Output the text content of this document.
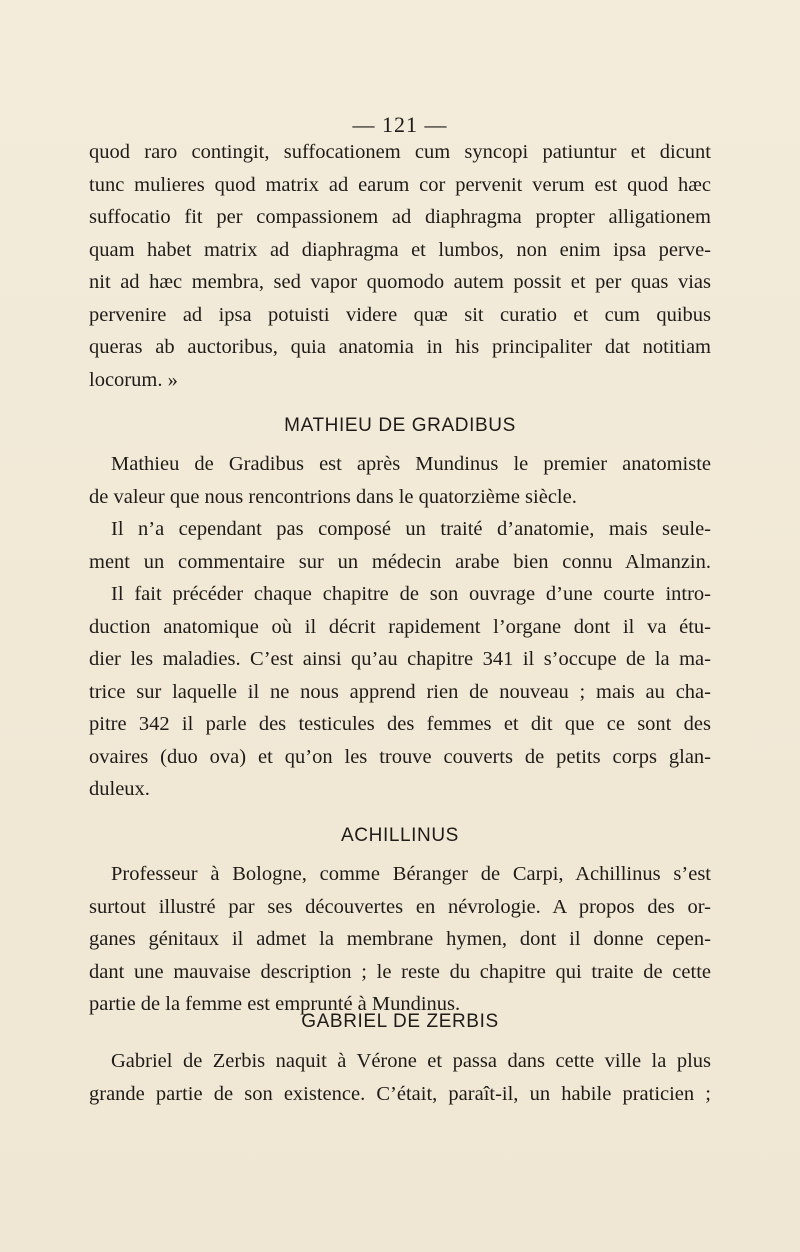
— 121 —
quod raro contingit, suffocationem cum syncopi patiuntur et dicunt
tunc mulieres quod matrix ad earum cor pervenit verum est quod hæc
suffocatio fit per compassionem ad diaphragma propter alligationem
quam habet matrix ad diaphragma et lumbos, non enim ipsa perve-
nit ad hæc membra, sed vapor quomodo autem possit et per quas vias
pervenire ad ipsa potuisti videre quæ sit curatio et cum quibus
queras ab auctoribus, quia anatomia in his principaliter dat notitiam
locorum. »
MATHIEU DE GRADIBUS
Mathieu de Gradibus est après Mundinus le premier anatomiste
de valeur que nous rencontrions dans le quatorzième siècle.
Il n’a cependant pas composé un traité d’anatomie, mais seule-
ment un commentaire sur un médecin arabe bien connu Almanzin.
Il fait précéder chaque chapitre de son ouvrage d’une courte intro-
duction anatomique où il décrit rapidement l’organe dont il va étu-
dier les maladies. C’est ainsi qu’au chapitre 341 il s’occupe de la ma-
trice sur laquelle il ne nous apprend rien de nouveau ; mais au cha-
pitre 342 il parle des testicules des femmes et dit que ce sont des
ovaires (duo ova) et qu’on les trouve couverts de petits corps glan-
duleux.
ACHILLINUS
Professeur à Bologne, comme Béranger de Carpi, Achillinus s’est
surtout illustré par ses découvertes en névrologie. A propos des or-
ganes génitaux il admet la membrane hymen, dont il donne cepen-
dant une mauvaise description ; le reste du chapitre qui traite de cette
partie de la femme est emprunté à Mundinus.
GABRIEL DE ZERBIS
Gabriel de Zerbis naquit à Vérone et passa dans cette ville la plus
grande partie de son existence. C’était, paraît-il, un habile praticien ;
